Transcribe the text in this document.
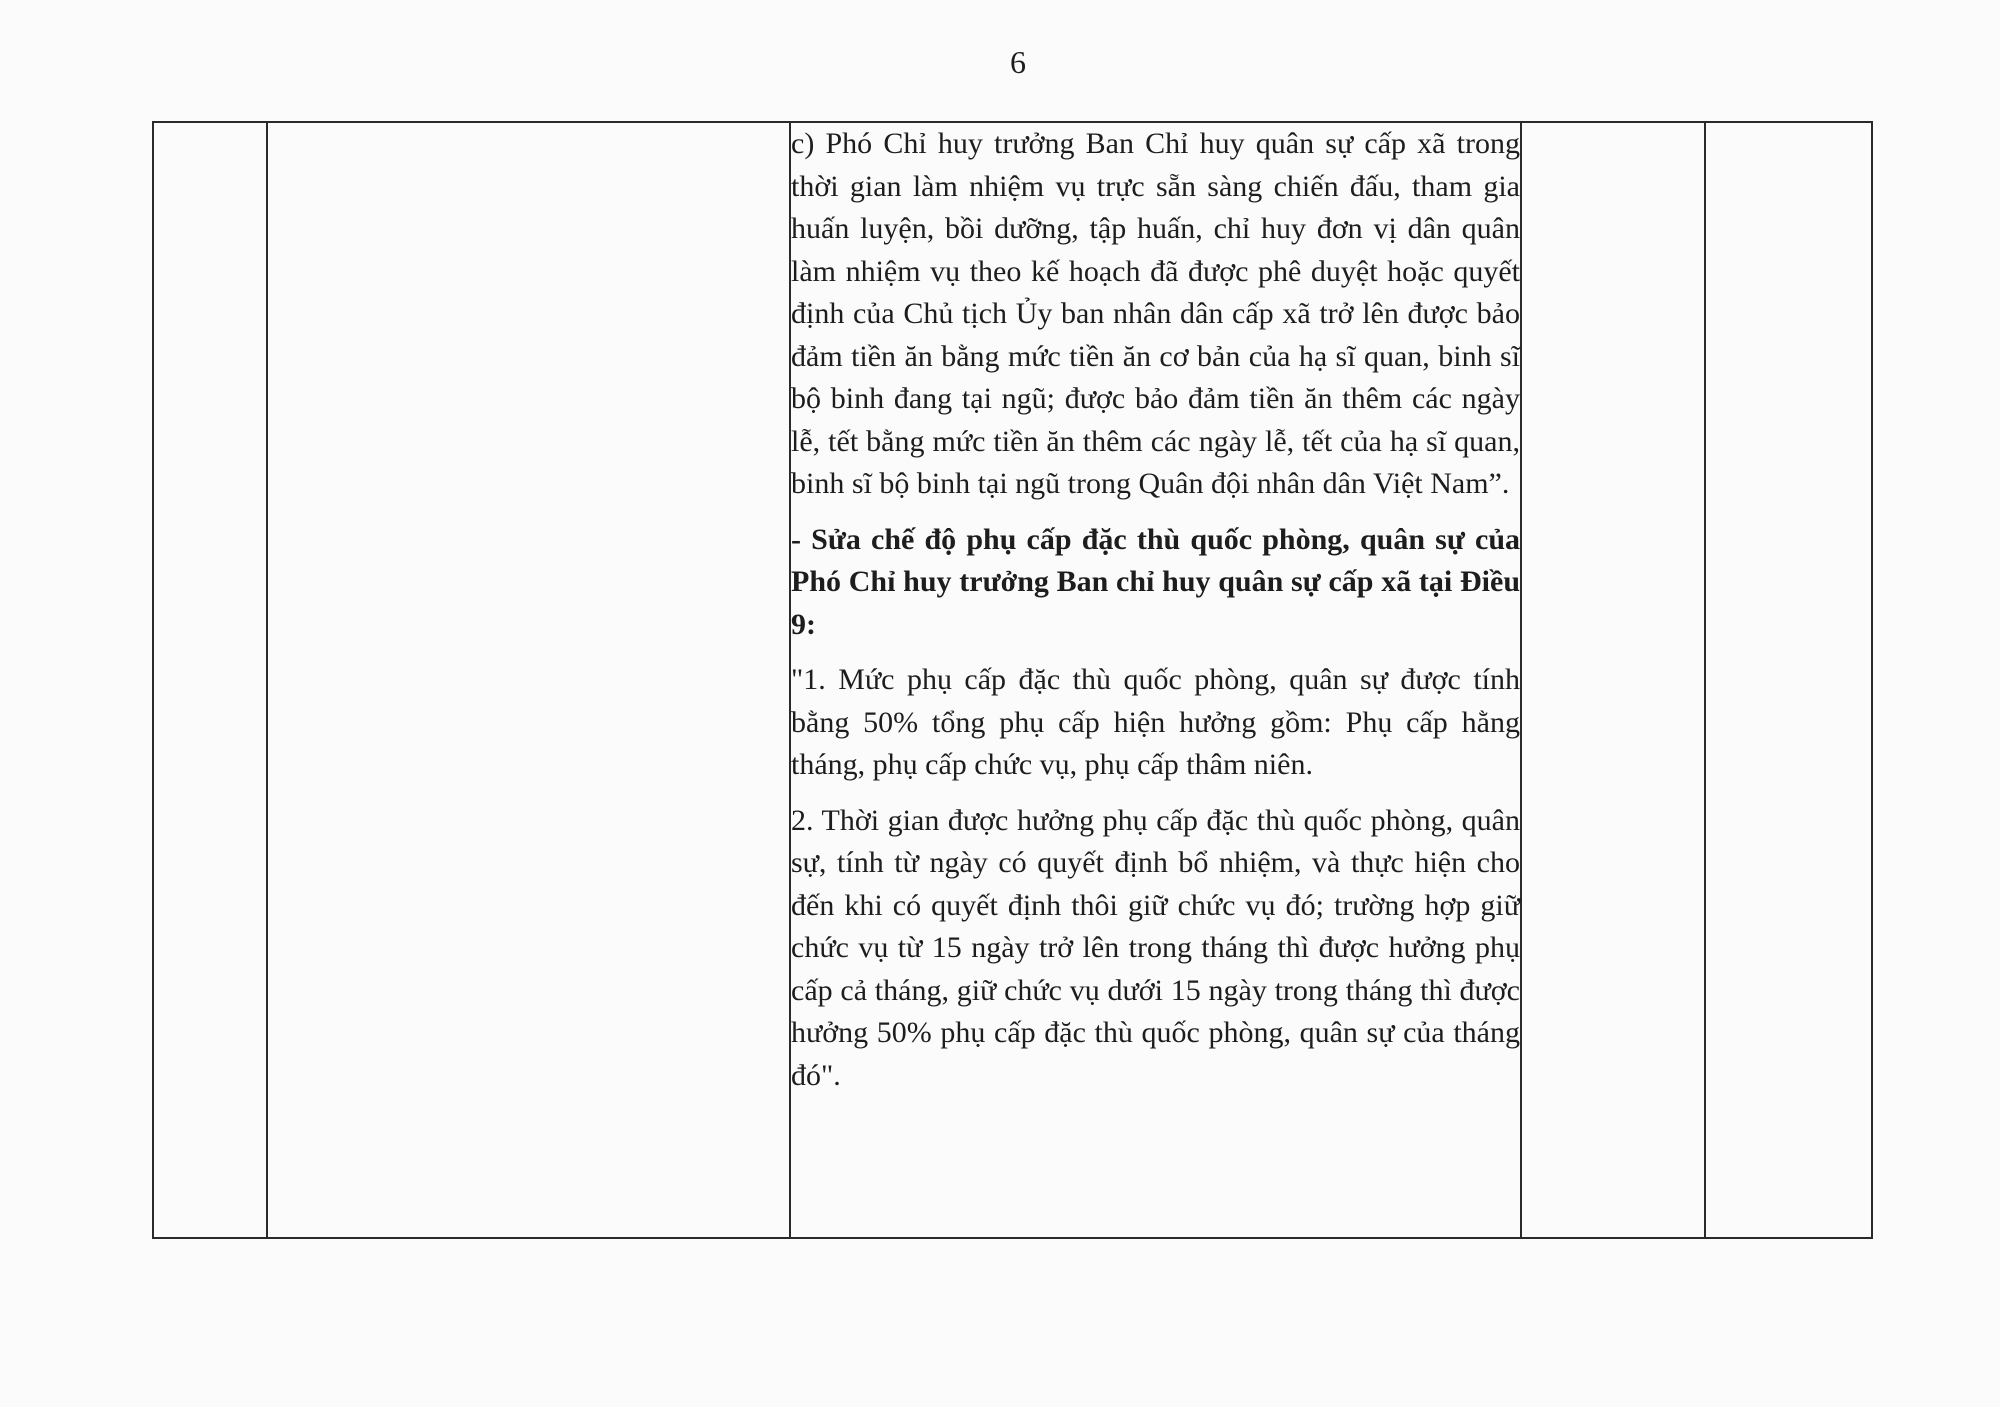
6

c) Phó Chỉ huy trưởng Ban Chỉ huy quân sự cấp xã trong thời gian làm nhiệm vụ trực sẵn sàng chiến đấu, tham gia huấn luyện, bồi dưỡng, tập huấn, chỉ huy đơn vị dân quân làm nhiệm vụ theo kế hoạch đã được phê duyệt hoặc quyết định của Chủ tịch Ủy ban nhân dân cấp xã trở lên được bảo đảm tiền ăn bằng mức tiền ăn cơ bản của hạ sĩ quan, binh sĩ bộ binh đang tại ngũ; được bảo đảm tiền ăn thêm các ngày lễ, tết bằng mức tiền ăn thêm các ngày lễ, tết của hạ sĩ quan, binh sĩ bộ binh tại ngũ trong Quân đội nhân dân Việt Nam”.

- Sửa chế độ phụ cấp đặc thù quốc phòng, quân sự của Phó Chỉ huy trưởng Ban chỉ huy quân sự cấp xã tại Điều 9:

"1. Mức phụ cấp đặc thù quốc phòng, quân sự được tính bằng 50% tổng phụ cấp hiện hưởng gồm: Phụ cấp hằng tháng, phụ cấp chức vụ, phụ cấp thâm niên.

2. Thời gian được hưởng phụ cấp đặc thù quốc phòng, quân sự, tính từ ngày có quyết định bổ nhiệm, và thực hiện cho đến khi có quyết định thôi giữ chức vụ đó; trường hợp giữ chức vụ từ 15 ngày trở lên trong tháng thì được hưởng phụ cấp cả tháng, giữ chức vụ dưới 15 ngày trong tháng thì được hưởng 50% phụ cấp đặc thù quốc phòng, quân sự của tháng đó".
